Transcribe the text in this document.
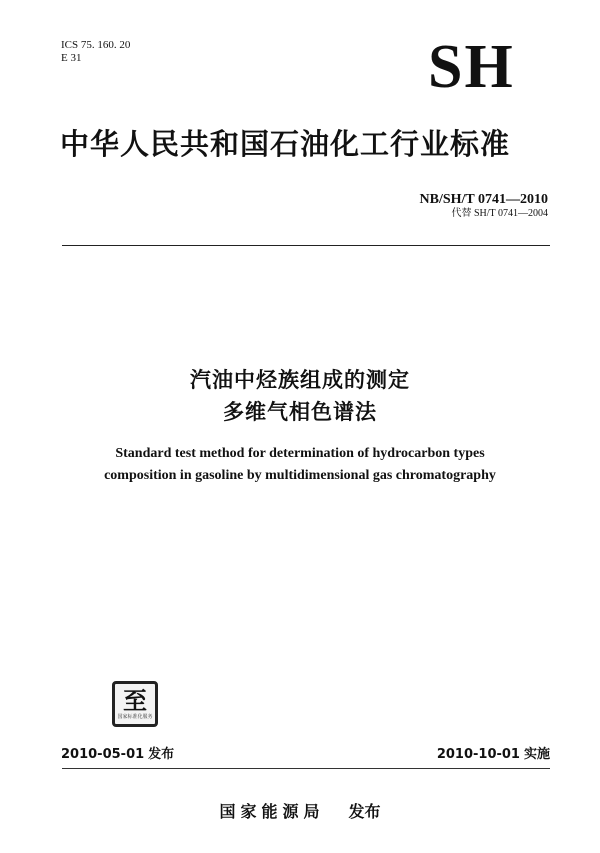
ICS 75. 160. 20
E 31	SH
中华人民共和国石油化工行业标准
NB/SH/T 0741—2010
代替 SH/T 0741—2004
汽油中烃族组成的测定
多维气相色谱法
Standard test method for determination of hydrocarbon types
composition in gasoline by multidimensional gas chromatography
至
国家标准化服务
2010-05-01 发布	2010-10-01 实施
国家能源局 发布
